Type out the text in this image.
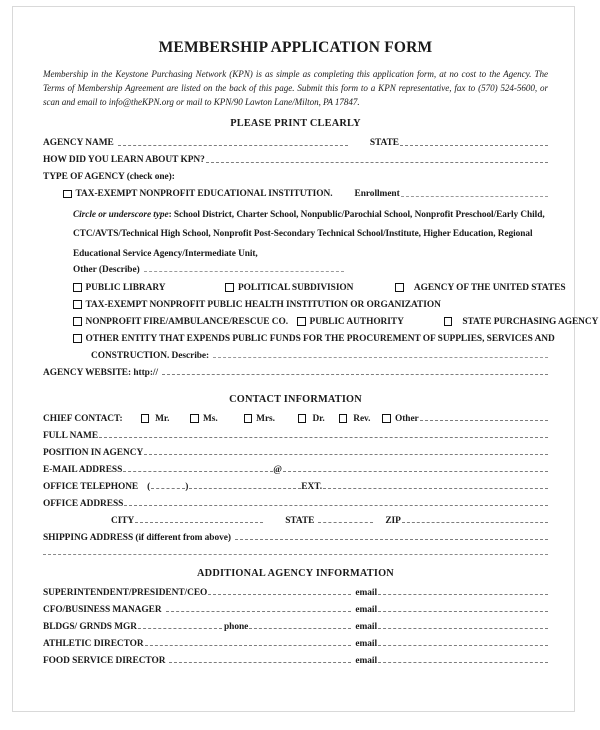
MEMBERSHIP APPLICATION FORM
Membership in the Keystone Purchasing Network (KPN) is as simple as completing this application form, at no cost to the Agency. The Terms of Membership Agreement are listed on the back of this page. Submit this form to a KPN representative, fax to (570) 524-5600, or scan and email to info@theKPN.org or mail to KPN/90 Lawton Lane/Milton, PA 17847.
PLEASE PRINT CLEARLY
AGENCY NAME	STATE
HOW DID YOU LEARN ABOUT KPN?
TYPE OF AGENCY (check one):
TAX-EXEMPT NONPROFIT EDUCATIONAL INSTITUTION. Enrollment
Circle or underscore type: School District, Charter School, Nonpublic/Parochial School, Nonprofit Preschool/Early Child,
CTC/AVTS/Technical High School, Nonprofit Post-Secondary Technical School/Institute, Higher Education, Regional
Educational Service Agency/Intermediate Unit,
Other (Describe)
PUBLIC LIBRARY	POLITICAL SUBDIVISION	AGENCY OF THE UNITED STATES
TAX-EXEMPT NONPROFIT PUBLIC HEALTH INSTITUTION OR ORGANIZATION
NONPROFIT FIRE/AMBULANCE/RESCUE CO. PUBLIC AUTHORITY	STATE PURCHASING AGENCY
OTHER ENTITY THAT EXPENDS PUBLIC FUNDS FOR THE PROCUREMENT OF SUPPLIES, SERVICES AND
CONSTRUCTION. Describe:
AGENCY WEBSITE: http://
CONTACT INFORMATION
CHIEF CONTACT:	Mr.	Ms.	Mrs.	Dr.	Rev.	Other
FULL NAME
POSITION IN AGENCY
E-MAIL ADDRESS	@
OFFICE TELEPHONE (	)	EXT.
OFFICE ADDRESS
CITY	STATE	ZIP
SHIPPING ADDRESS (if different from above)
ADDITIONAL AGENCY INFORMATION
SUPERINTENDENT/PRESIDENT/CEO	email
CFO/BUSINESS MANAGER	email
BLDGS/ GRNDS MGR	phone	email
ATHLETIC DIRECTOR	email
FOOD SERVICE DIRECTOR	email
